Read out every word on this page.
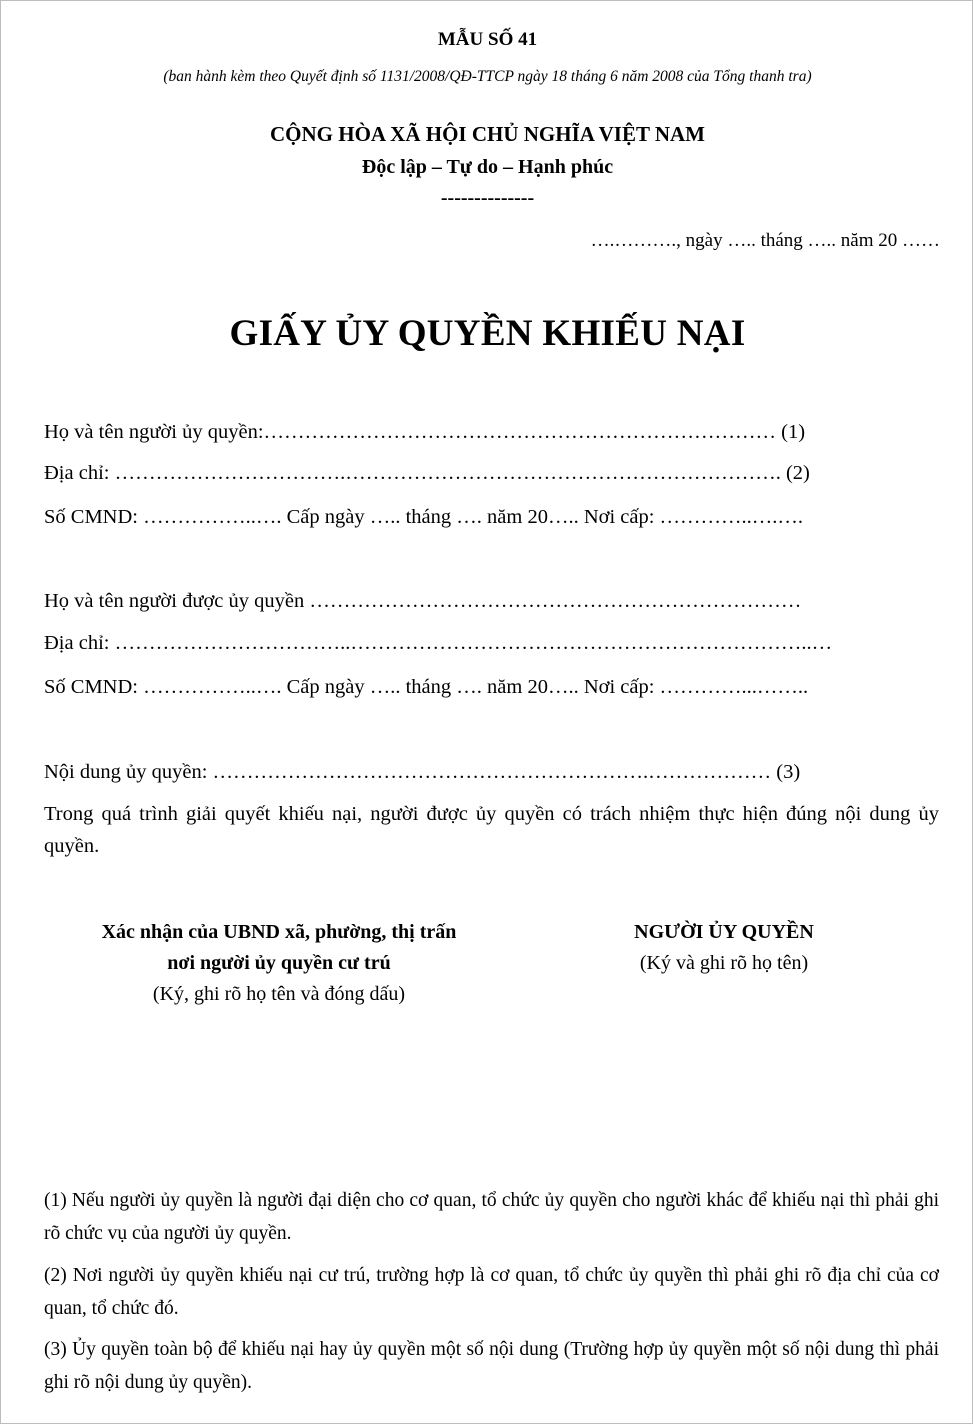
MẪU SỐ 41
(ban hành kèm theo Quyết định số 1131/2008/QĐ-TTCP ngày 18 tháng 6 năm 2008 của Tổng thanh tra)
CỘNG HÒA XÃ HỘI CHỦ NGHĨA VIỆT NAM
Độc lập – Tự do – Hạnh phúc
--------------
….………., ngày ….. tháng ….. năm 20 ……
GIẤY ỦY QUYỀN KHIẾU NẠI
Họ và tên người ủy quyền:………………………………………………………………… (1)
Địa chỉ: …………………………….………………………………………………………. (2)
Số CMND: ……………..…. Cấp ngày ….. tháng …. năm 20….. Nơi cấp: …………..….….
Họ và tên người được ủy quyền ………………………………………………………………
Địa chỉ: ……………………………..…………………………………………………………..…
Số CMND: ……………..…. Cấp ngày ….. tháng …. năm 20….. Nơi cấp: …………...……..
Nội dung ủy quyền: ……………………………………………………….……………… (3)
Trong quá trình giải quyết khiếu nại, người được ủy quyền có trách nhiệm thực hiện đúng nội dung ủy quyền.
Xác nhận của UBND xã, phường, thị trấn
nơi người ủy quyền cư trú
(Ký, ghi rõ họ tên và đóng dấu)
NGƯỜI ỦY QUYỀN
(Ký và ghi rõ họ tên)
(1) Nếu người ủy quyền là người đại diện cho cơ quan, tổ chức ủy quyền cho người khác để khiếu nại thì phải ghi rõ chức vụ của người ủy quyền.
(2) Nơi người ủy quyền khiếu nại cư trú, trường hợp là cơ quan, tổ chức ủy quyền thì phải ghi rõ địa chỉ của cơ quan, tổ chức đó.
(3) Ủy quyền toàn bộ để khiếu nại hay ủy quyền một số nội dung (Trường hợp ủy quyền một số nội dung thì phải ghi rõ nội dung ủy quyền).
